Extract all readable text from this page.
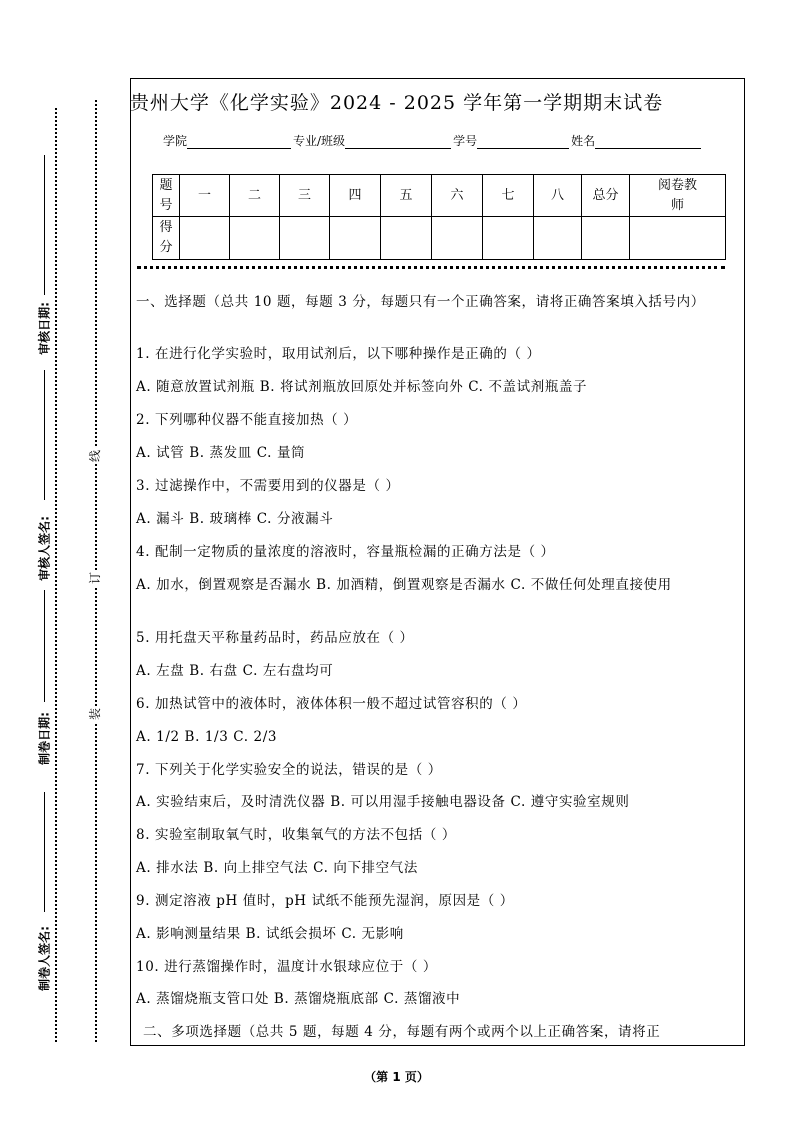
审核日期:
审核人签名:
制卷日期:
制卷人签名:
线
订
装
贵州大学《化学实验》2024 - 2025 学年第一学期期末试卷
学院	专业/班级	学号	姓名
题号	一	二	三	四	五	六	七	八	总分	阅卷教师

得分										

一、选择题（总共 10 题，每题 3 分，每题只有一个正确答案，请将正确答案填入括号内）
1. 在进行化学实验时，取用试剂后，以下哪种操作是正确的（ ）
A. 随意放置试剂瓶 B. 将试剂瓶放回原处并标签向外 C. 不盖试剂瓶盖子
2. 下列哪种仪器不能直接加热（ ）
A. 试管 B. 蒸发皿 C. 量筒
3. 过滤操作中，不需要用到的仪器是（ ）
A. 漏斗 B. 玻璃棒 C. 分液漏斗
4. 配制一定物质的量浓度的溶液时，容量瓶检漏的正确方法是（ ）
A. 加水，倒置观察是否漏水 B. 加酒精，倒置观察是否漏水 C. 不做任何处理直接使用
5. 用托盘天平称量药品时，药品应放在（ ）
A. 左盘 B. 右盘 C. 左右盘均可
6. 加热试管中的液体时，液体体积一般不超过试管容积的（ ）
A. 1/2 B. 1/3 C. 2/3
7. 下列关于化学实验安全的说法，错误的是（ ）
A. 实验结束后，及时清洗仪器 B. 可以用湿手接触电器设备 C. 遵守实验室规则
8. 实验室制取氧气时，收集氧气的方法不包括（ ）
A. 排水法 B. 向上排空气法 C. 向下排空气法
9. 测定溶液 pH 值时，pH 试纸不能预先湿润，原因是（ ）
A. 影响测量结果 B. 试纸会损坏 C. 无影响
10. 进行蒸馏操作时，温度计水银球应位于（ ）
A. 蒸馏烧瓶支管口处 B. 蒸馏烧瓶底部 C. 蒸馏液中
二、多项选择题（总共 5 题，每题 4 分，每题有两个或两个以上正确答案，请将正
（第 1 页）
